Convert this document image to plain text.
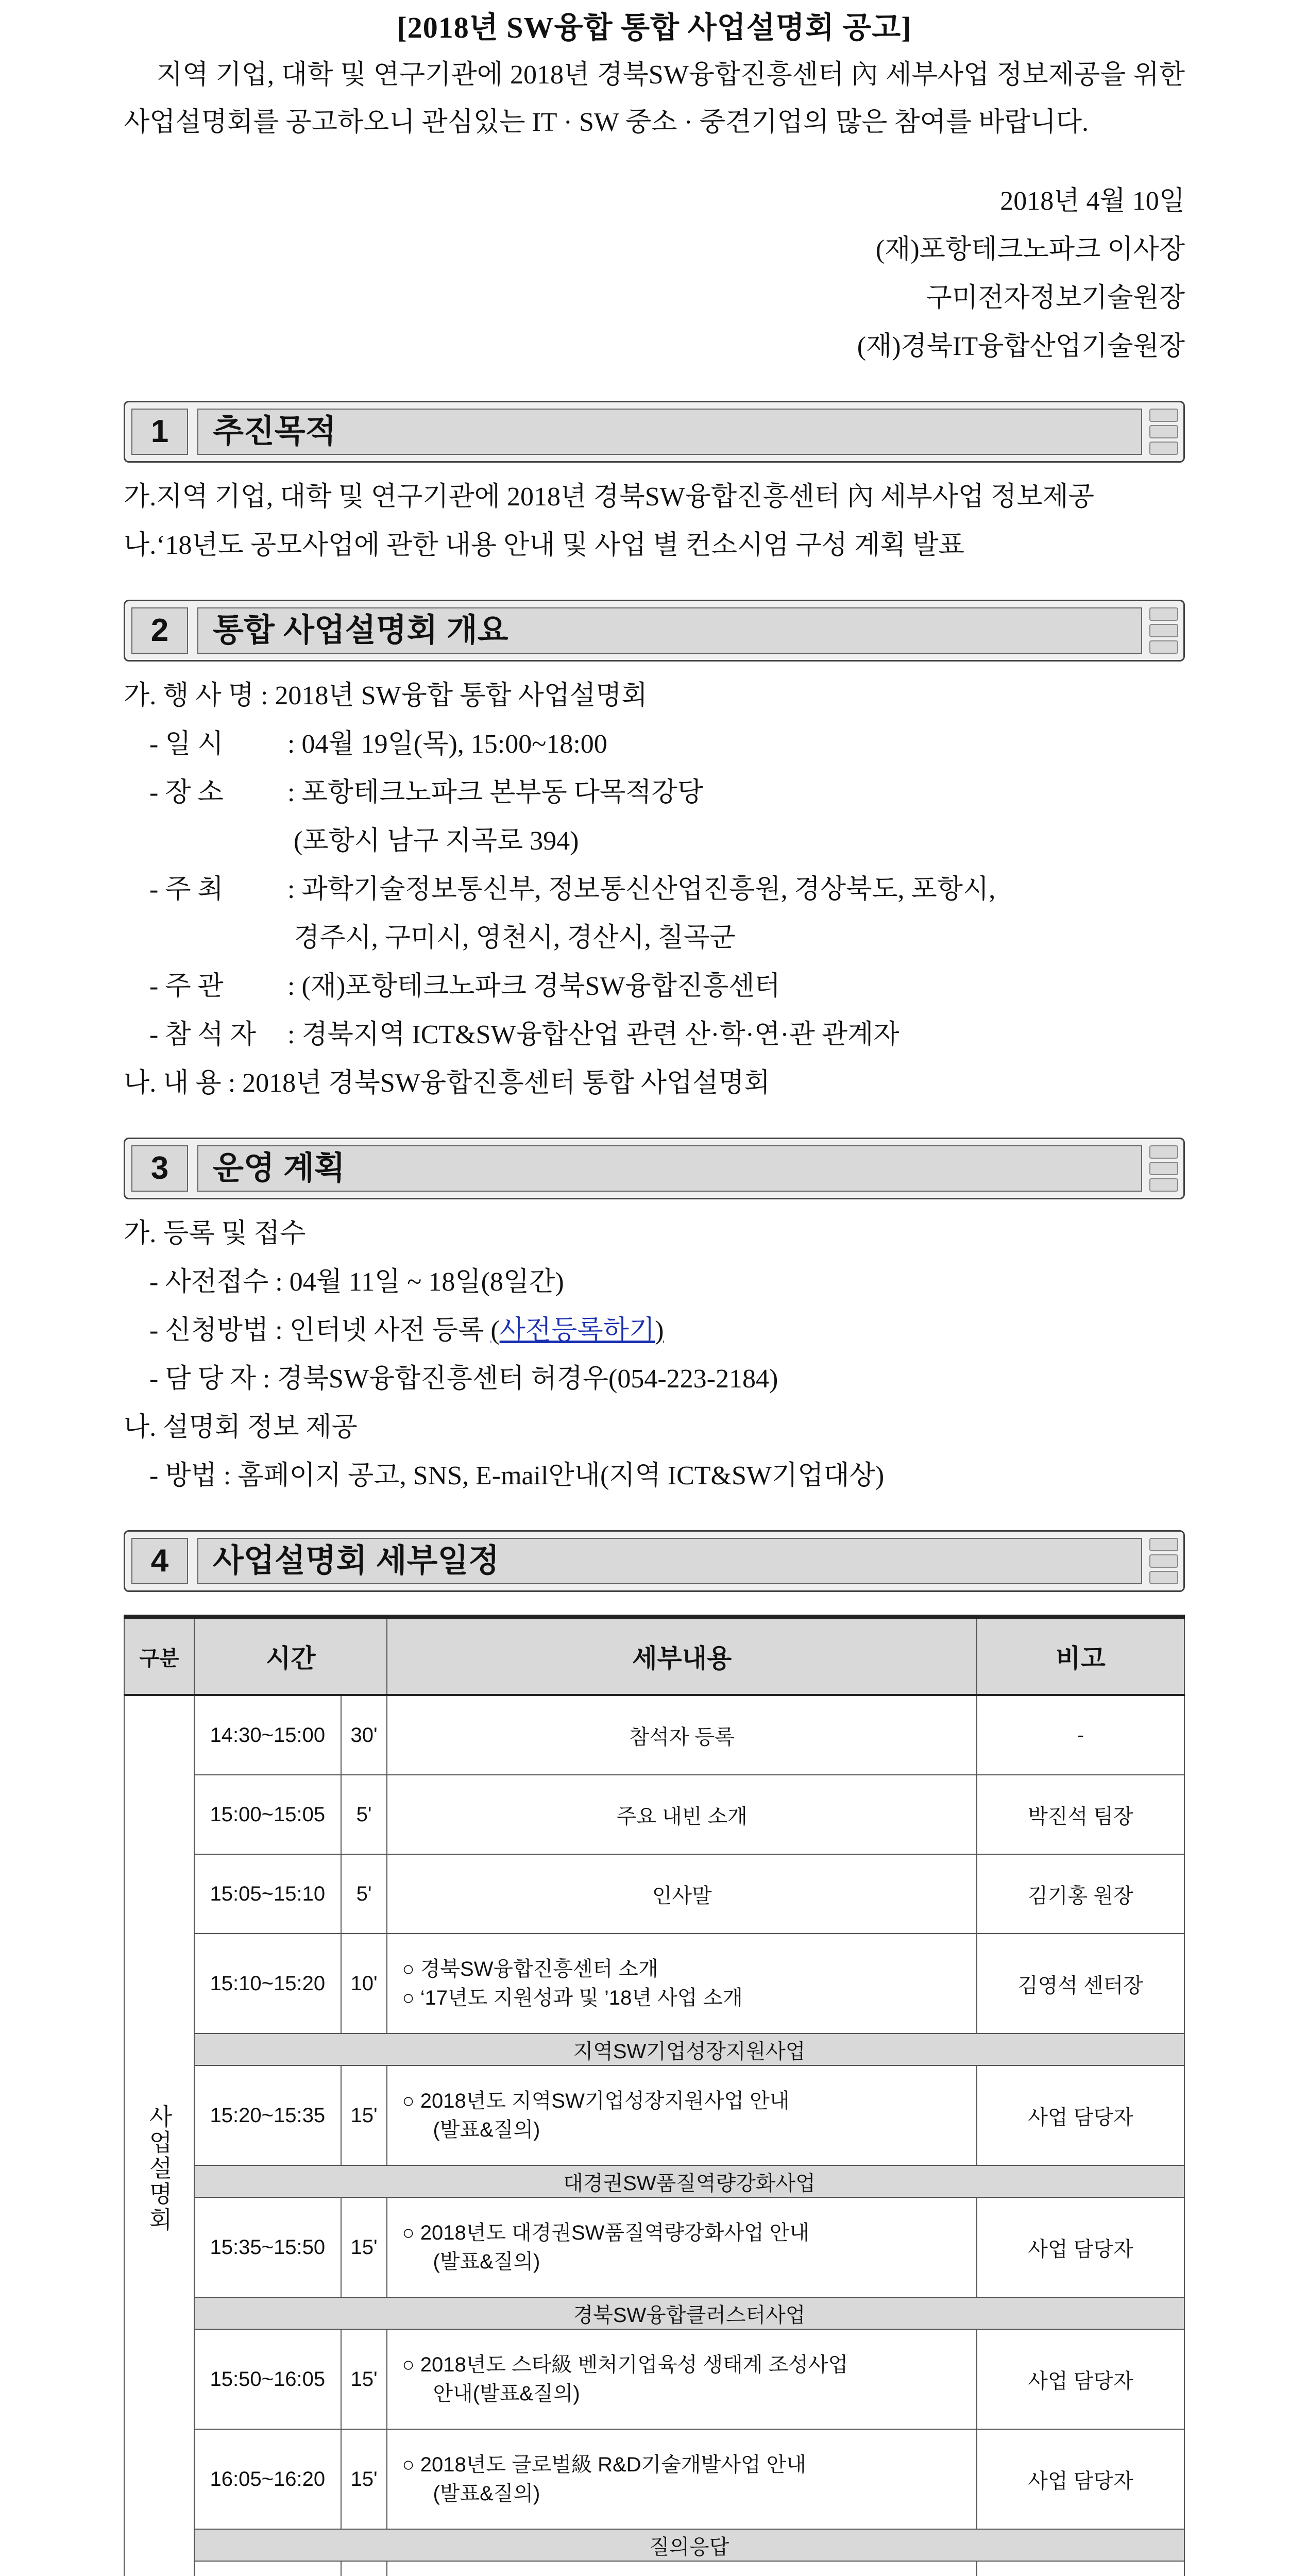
[2018년 SW융합 통합 사업설명회 공고]
지역 기업, 대학 및 연구기관에 2018년 경북SW융합진흥센터 內 세부사업 정보제공을 위한 사업설명회를 공고하오니 관심있는 IT · SW 중소 · 중견기업의 많은 참여를 바랍니다.
2018년 4월 10일
(재)포항테크노파크 이사장
구미전자정보기술원장
(재)경북IT융합산업기술원장
1	추진목적
가. 지역 기업, 대학 및 연구기관에 2018년 경북SW융합진흥센터 內 세부사업 정보제공
나. ‘18년도 공모사업에 관한 내용 안내 및 사업 별 컨소시엄 구성 계획 발표
2	통합 사업설명회 개요
가. 행 사 명 : 2018년 SW융합 통합 사업설명회
- 일 시 : 04월 19일(목), 15:00~18:00
- 장 소 : 포항테크노파크 본부동 다목적강당
(포항시 남구 지곡로 394)
- 주 최 : 과학기술정보통신부, 정보통신산업진흥원, 경상북도, 포항시,
경주시, 구미시, 영천시, 경산시, 칠곡군
- 주 관 : (재)포항테크노파크 경북SW융합진흥센터
- 참 석 자 : 경북지역 ICT&SW융합산업 관련 산·학·연·관 관계자
나. 내 용 : 2018년 경북SW융합진흥센터 통합 사업설명회
3	운영 계획
가. 등록 및 접수
- 사전접수 : 04월 11일 ~ 18일(8일간)
- 신청방법 : 인터넷 사전 등록 ( 사전등록하기 )
- 담 당 자 : 경북SW융합진흥센터 허경우(054-223-2184)
나. 설명회 정보 제공
- 방법 : 홈페이지 공고, SNS, E-mail안내(지역 ICT&SW기업대상)
4	사업설명회 세부일정
구분	시간		세부내용	비고
사업설명회	14:30~15:00	30'	참석자 등록	-
	15:00~15:05	5'	주요 내빈 소개	박진석 팀장
	15:05~15:10	5'	인사말	김기홍 원장
	15:10~15:20	10'	○ 경북SW융합진흥센터 소개
○ ‘17년도 지원성과 및 ’18년 사업 소개	김영석 센터장
	지역SW기업성장지원사업			
	15:20~15:35	15'	○ 2018년도 지역SW기업성장지원사업 안내
(발표&질의)	사업 담당자
	대경권SW품질역량강화사업			
	15:35~15:50	15'	○ 2018년도 대경권SW품질역량강화사업 안내
(발표&질의)	사업 담당자
	경북SW융합클러스터사업			
	15:50~16:05	15'	○ 2018년도 스타級 벤처기업육성 생태계 조성사업
안내(발표&질의)	사업 담당자
	16:05~16:20	15'	○ 2018년도 글로벌級 R&D기술개발사업 안내
(발표&질의)	사업 담당자
	질의응답			
